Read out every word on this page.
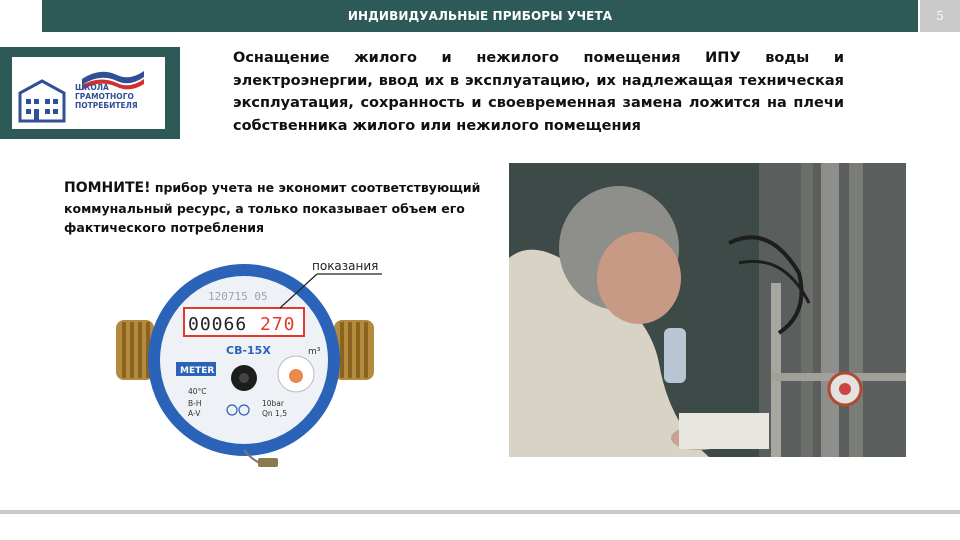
ИНДИВИДУАЛЬНЫЕ ПРИБОРЫ УЧЕТА	5
ШКОЛА
ГРАМОТНОГО
ПОТРЕБИТЕЛЯ
Оснащение жилого и нежилого помещения ИПУ воды и электроэнергии, ввод их в эксплуатацию, их надлежащая техническая эксплуатация, сохранность и своевременная замена ложится на плечи собственника жилого или нежилого помещения
ПОМНИТЕ! прибор учета не экономит соответствующий коммунальный ресурс, а только показывает объем его фактического потребления
120715 05
00066 270
показания
СВ-15Х	m³
METER
40°C
B-H
A-V
10bar
Qn 1,5
